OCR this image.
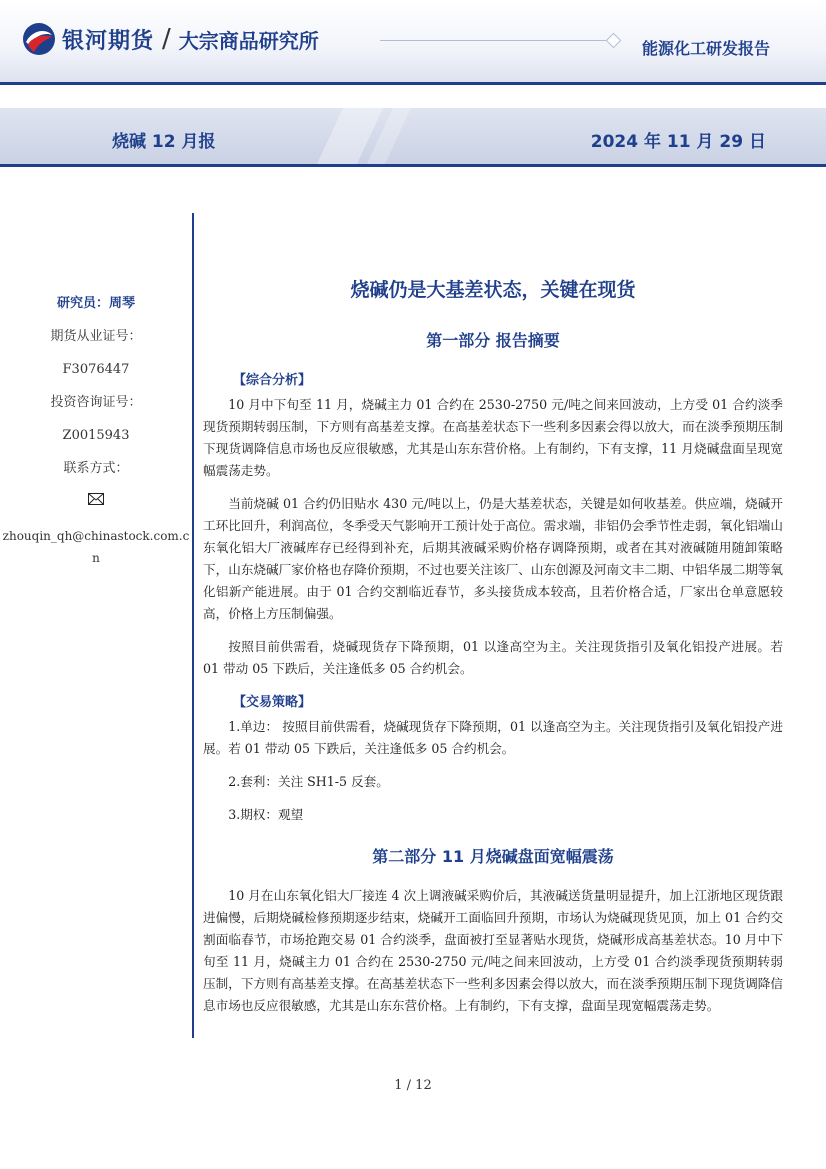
银河期货 / 大宗商品研究所	能源化工研发报告
烧碱 12 月报	2024 年 11 月 29 日
研究员：周琴
期货从业证号：
F3076447
投资咨询证号：
Z0015943
联系方式：
zhouqin_qh@chinastock.com.cn
烧碱仍是大基差状态，关键在现货
第一部分 报告摘要
【综合分析】

10 月中下旬至 11 月，烧碱主力 01 合约在 2530-2750 元/吨之间来回波动，上方受 01 合约淡季现货预期转弱压制，下方则有高基差支撑。在高基差状态下一些利多因素会得以放大，而在淡季预期压制下现货调降信息市场也反应很敏感，尤其是山东东营价格。上有制约，下有支撑，11 月烧碱盘面呈现宽幅震荡走势。

当前烧碱 01 合约仍旧贴水 430 元/吨以上，仍是大基差状态，关键是如何收基差。供应端，烧碱开工环比回升，利润高位，冬季受天气影响开工预计处于高位。需求端，非铝仍会季节性走弱，氧化铝端山东氧化铝大厂液碱库存已经得到补充，后期其液碱采购价格存调降预期，或者在其对液碱随用随卸策略下，山东烧碱厂家价格也存降价预期，不过也要关注该厂、山东创源及河南文丰二期、中铝华晟二期等氧化铝新产能进展。由于 01 合约交割临近春节，多头接货成本较高，且若价格合适，厂家出仓单意愿较高，价格上方压制偏强。

按照目前供需看，烧碱现货存下降预期，01 以逢高空为主。关注现货指引及氧化铝投产进展。若 01 带动 05 下跌后，关注逢低多 05 合约机会。

【交易策略】

1.单边： 按照目前供需看，烧碱现货存下降预期，01 以逢高空为主。关注现货指引及氧化铝投产进展。若 01 带动 05 下跌后，关注逢低多 05 合约机会。

2.套利：关注 SH1-5 反套。

3.期权：观望

第二部分 11 月烧碱盘面宽幅震荡

10 月在山东氧化铝大厂接连 4 次上调液碱采购价后，其液碱送货量明显提升，加上江浙地区现货跟进偏慢，后期烧碱检修预期逐步结束，烧碱开工面临回升预期，市场认为烧碱现货见顶，加上 01 合约交割面临春节，市场抢跑交易 01 合约淡季，盘面被打至显著贴水现货，烧碱形成高基差状态。10 月中下旬至 11 月，烧碱主力 01 合约在 2530-2750 元/吨之间来回波动，上方受 01 合约淡季现货预期转弱压制，下方则有高基差支撑。在高基差状态下一些利多因素会得以放大，而在淡季预期压制下现货调降信息市场也反应很敏感，尤其是山东东营价格。上有制约，下有支撑，盘面呈现宽幅震荡走势。

1 / 12
